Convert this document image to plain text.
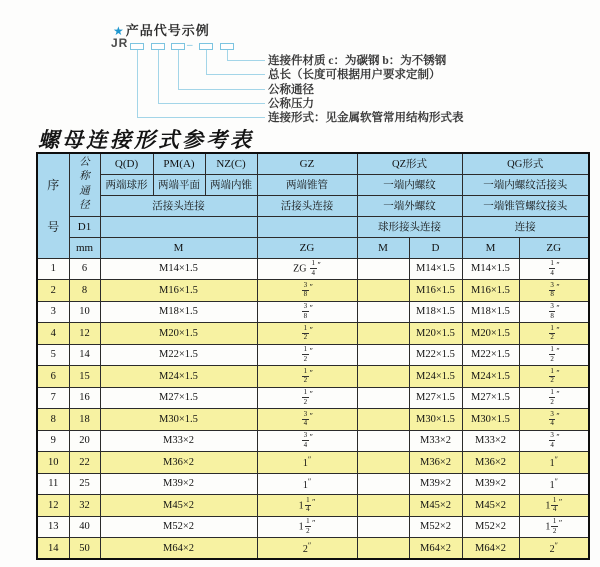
★产品代号示例
JR	–
连接件材质 c：为碳钢 b：为不锈钢
总长（长度可根据用户要求定制）
公称通径
公称压力
连接形式：见金属软管常用结构形式表
螺母连接形式参考表
序
号	公
称
通
径	Q(D)	PM(A)	NZ(C)	GZ	QZ形式		QG形式	
		两端球形	两端平面	两端内锥	两端锥管	一端内螺纹		一端内螺纹活接头	
		活接头连接			活接头连接	一端外螺纹		一端锥管螺纹接头	
	D1					球形接头连接		连接	
	mm	M			ZG	M	D	M	ZG
1	6	M14×1.5			ZG $\frac{1}{4} ''$		M14×1.5	M14×1.5	$\frac{1}{4} ''$
2	8	M16×1.5			$\frac{3}{8} ''$		M16×1.5	M16×1.5	$\frac{3}{8} ''$
3	10	M18×1.5			$\frac{3}{8} ''$		M18×1.5	M18×1.5	$\frac{3}{8} ''$
4	12	M20×1.5			$\frac{1}{2} ''$		M20×1.5	M20×1.5	$\frac{1}{2} ''$
5	14	M22×1.5			$\frac{1}{2} ''$		M22×1.5	M22×1.5	$\frac{1}{2} ''$
6	15	M24×1.5			$\frac{1}{2} ''$		M24×1.5	M24×1.5	$\frac{1}{2} ''$
7	16	M27×1.5			$\frac{1}{2} ''$		M27×1.5	M27×1.5	$\frac{1}{2} ''$
8	18	M30×1.5			$\frac{3}{4} ''$		M30×1.5	M30×1.5	$\frac{3}{4} ''$
9	20	M33×2			$\frac{3}{4} ''$		M33×2	M33×2	$\frac{3}{4} ''$
10	22	M36×2			1″		M36×2	M36×2	1″
11	25	M39×2			1″		M39×2	M39×2	1″
12	32	M45×2			$1 \frac{1}{4} ''$		M45×2	M45×2	$1 \frac{1}{4} ''$
13	40	M52×2			$1 \frac{1}{2} ''$		M52×2	M52×2	$1 \frac{1}{2} ''$
14	50	M64×2			2″		M64×2	M64×2	2″
